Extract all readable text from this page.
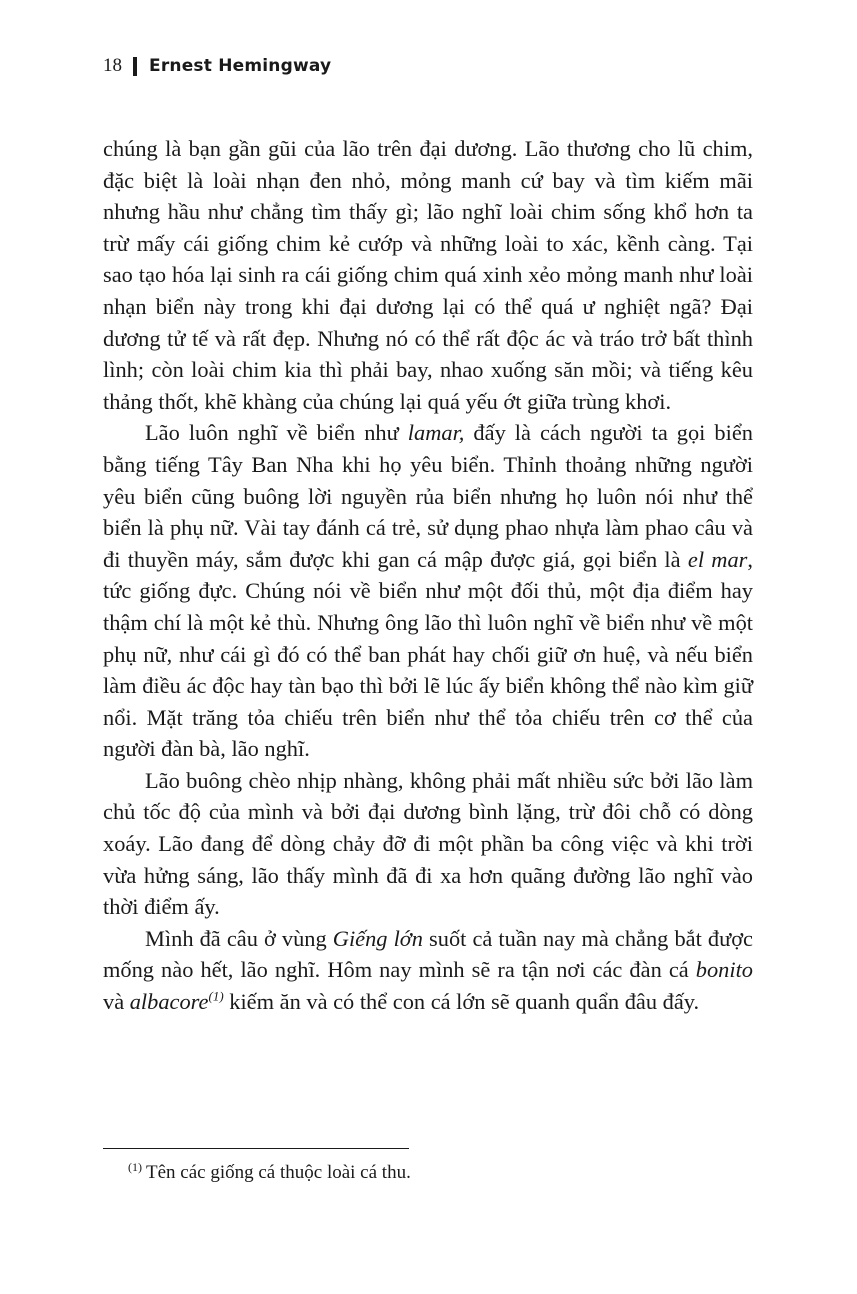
18 Ernest Hemingway

chúng là bạn gần gũi của lão trên đại dương. Lão thương cho lũ chim, đặc biệt là loài nhạn đen nhỏ, mỏng manh cứ bay và tìm kiếm mãi nhưng hầu như chẳng tìm thấy gì; lão nghĩ loài chim sống khổ hơn ta trừ mấy cái giống chim kẻ cướp và những loài to xác, kềnh càng. Tại sao tạo hóa lại sinh ra cái giống chim quá xinh xẻo mỏng manh như loài nhạn biển này trong khi đại dương lại có thể quá ư nghiệt ngã? Đại dương tử tế và rất đẹp. Nhưng nó có thể rất độc ác và tráo trở bất thình lình; còn loài chim kia thì phải bay, nhao xuống săn mồi; và tiếng kêu thảng thốt, khẽ khàng của chúng lại quá yếu ớt giữa trùng khơi.

Lão luôn nghĩ về biển như lamar, đấy là cách người ta gọi biển bằng tiếng Tây Ban Nha khi họ yêu biển. Thỉnh thoảng những người yêu biển cũng buông lời nguyền rủa biển nhưng họ luôn nói như thể biển là phụ nữ. Vài tay đánh cá trẻ, sử dụng phao nhựa làm phao câu và đi thuyền máy, sắm được khi gan cá mập được giá, gọi biển là el mar, tức giống đực. Chúng nói về biển như một đối thủ, một địa điểm hay thậm chí là một kẻ thù. Nhưng ông lão thì luôn nghĩ về biển như về một phụ nữ, như cái gì đó có thể ban phát hay chối giữ ơn huệ, và nếu biển làm điều ác độc hay tàn bạo thì bởi lẽ lúc ấy biển không thể nào kìm giữ nổi. Mặt trăng tỏa chiếu trên biển như thể tỏa chiếu trên cơ thể của người đàn bà, lão nghĩ.

Lão buông chèo nhịp nhàng, không phải mất nhiều sức bởi lão làm chủ tốc độ của mình và bởi đại dương bình lặng, trừ đôi chỗ có dòng xoáy. Lão đang để dòng chảy đỡ đi một phần ba công việc và khi trời vừa hửng sáng, lão thấy mình đã đi xa hơn quãng đường lão nghĩ vào thời điểm ấy.

Mình đã câu ở vùng Giếng lớn suốt cả tuần nay mà chẳng bắt được mống nào hết, lão nghĩ. Hôm nay mình sẽ ra tận nơi các đàn cá bonito và albacore$^{(1)}$ kiếm ăn và có thể con cá lớn sẽ quanh quẩn đâu đấy.

$^{(1)}$ Tên các giống cá thuộc loài cá thu.
